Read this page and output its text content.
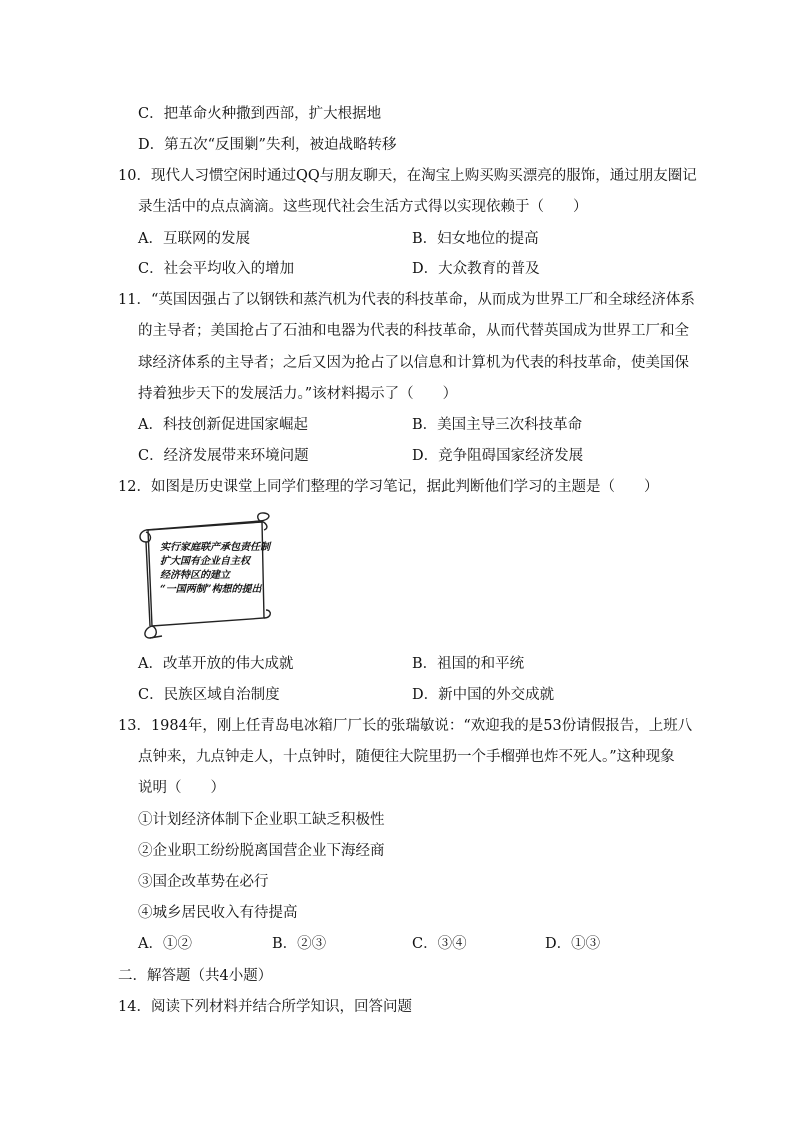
C．把革命火种撒到西部，扩大根据地
D．第五次“反围剿”失利，被迫战略转移
10．现代人习惯空闲时通过QQ与朋友聊天，在淘宝上购买购买漂亮的服饰，通过朋友圈记
录生活中的点点滴滴。这些现代社会生活方式得以实现依赖于（　　）
A．互联网的发展	B．妇女地位的提高
C．社会平均收入的增加	D．大众教育的普及
11．“英国因强占了以钢铁和蒸汽机为代表的科技革命，从而成为世界工厂和全球经济体系
的主导者；美国抢占了石油和电器为代表的科技革命，从而代替英国成为世界工厂和全
球经济体系的主导者；之后又因为抢占了以信息和计算机为代表的科技革命，使美国保
持着独步天下的发展活力。”该材料揭示了（　　）
A．科技创新促进国家崛起	B．美国主导三次科技革命
C．经济发展带来环境问题	D．竞争阻碍国家经济发展
12．如图是历史课堂上同学们整理的学习笔记，据此判断他们学习的主题是（　　）
实行家庭联产承包责任制
扩大国有企业自主权
经济特区的建立
“一国两制”构想的提出
A．改革开放的伟大成就	B．祖国的和平统
C．民族区域自治制度	D．新中国的外交成就
13．1984年，刚上任青岛电冰箱厂厂长的张瑞敏说：“欢迎我的是53份请假报告，上班八
点钟来，九点钟走人，十点钟时，随便往大院里扔一个手榴弹也炸不死人。”这种现象
说明（　　）
①计划经济体制下企业职工缺乏积极性
②企业职工纷纷脱离国营企业下海经商
③国企改革势在必行
④城乡居民收入有待提高
A．①②	B．②③	C．③④	D．①③
二．解答题（共4小题）
14．阅读下列材料并结合所学知识，回答问题
